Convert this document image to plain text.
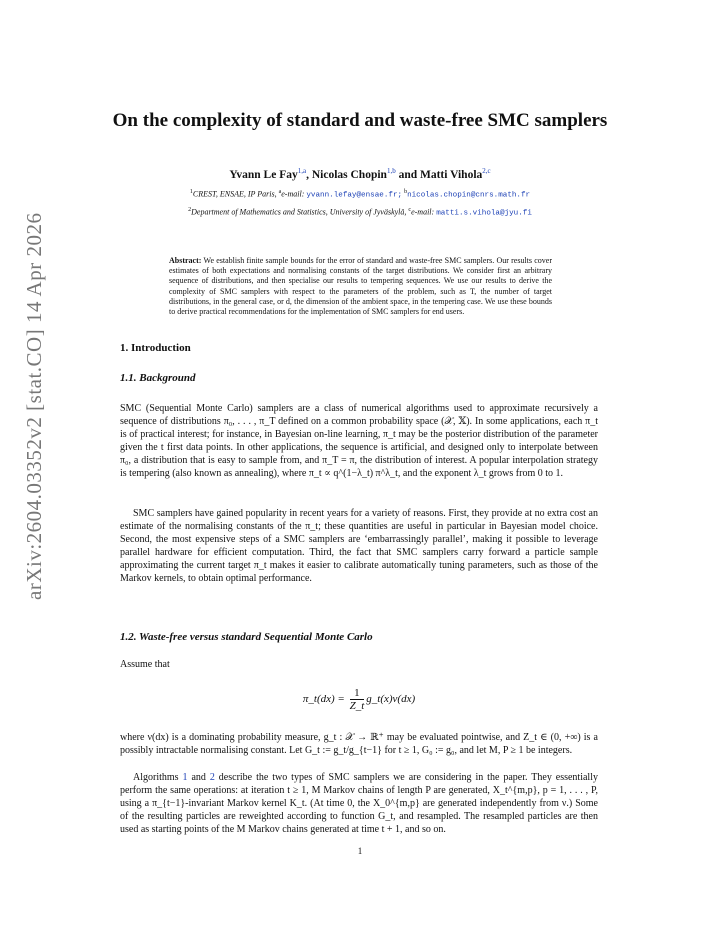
arXiv:2604.03352v2 [stat.CO] 14 Apr 2026
On the complexity of standard and waste-free SMC samplers
Yvann Le Fay$^{1,a}$, Nicolas Chopin$^{1,b}$ and Matti Vihola$^{2,c}$
$^1$CREST, ENSAE, IP Paris, $^a$e-mail: yvann.lefay@ensae.fr; $^b$nicolas.chopin@cnrs.math.fr
$^2$Department of Mathematics and Statistics, University of Jyväskylä, $^c$e-mail: matti.s.vihola@jyu.fi
Abstract: We establish finite sample bounds for the error of standard and waste-free SMC samplers. Our results cover estimates of both expectations and normalising constants of the target distributions. We consider first an arbitrary sequence of distributions, and then specialise our results to tempering sequences. We use our results to derive the complexity of SMC samplers with respect to the parameters of the problem, such as T, the number of target distributions, in the general case, or d, the dimension of the ambient space, in the tempering case. We use these bounds to derive practical recommendations for the implementation of SMC samplers for end users.
1. Introduction
1.1. Background

SMC (Sequential Monte Carlo) samplers are a class of numerical algorithms used to approximate recursively a sequence of distributions π₀, . . . , π_T defined on a common probability space (𝒳, 𝕏). In some applications, each π_t is of practical interest; for instance, in Bayesian on-line learning, π_t may be the posterior distribution of the parameter given the t first data points. In other applications, the sequence is artificial, and designed only to interpolate between π₀, a distribution that is easy to sample from, and π_T = π, the distribution of interest. A popular interpolation strategy is tempering (also known as annealing), where π_t ∝ q^(1−λ_t) π^λ_t, and the exponent λ_t grows from 0 to 1.

SMC samplers have gained popularity in recent years for a variety of reasons. First, they provide at no extra cost an estimate of the normalising constants of the π_t; these quantities are useful in particular in Bayesian model choice. Second, the most expensive steps of a SMC samplers are ‘embarrassingly parallel’, making it possible to leverage parallel hardware for efficient computation. Third, the fact that SMC samplers carry forward a particle sample approximating the current target π_t makes it easier to calibrate automatically tuning parameters, such as those of the Markov kernels, to obtain optimal performance.

1.2. Waste-free versus standard Sequential Monte Carlo

Assume that

π_t(dx) = $\frac{1}{Z\_t}$ g_t(x)ν(dx)

where ν(dx) is a dominating probability measure, g_t : 𝒳 → ℝ⁺ may be evaluated pointwise, and Z_t ∈ (0, +∞) is a possibly intractable normalising constant. Let G_t := g_t/g_{t−1} for t ≥ 1, G₀ := g₀, and let M, P ≥ 1 be integers.

Algorithms 1 and 2 describe the two types of SMC samplers we are considering in the paper. They essentially perform the same operations: at iteration t ≥ 1, M Markov chains of length P are generated, X_t^{m,p}, p = 1, . . . , P, using a π_{t−1}-invariant Markov kernel K_t. (At time 0, the X_0^{m,p} are generated independently from ν.) Some of the resulting particles are reweighted according to function G_t, and resampled. The resampled particles are then used as starting points of the M Markov chains generated at time t + 1, and so on.

1
